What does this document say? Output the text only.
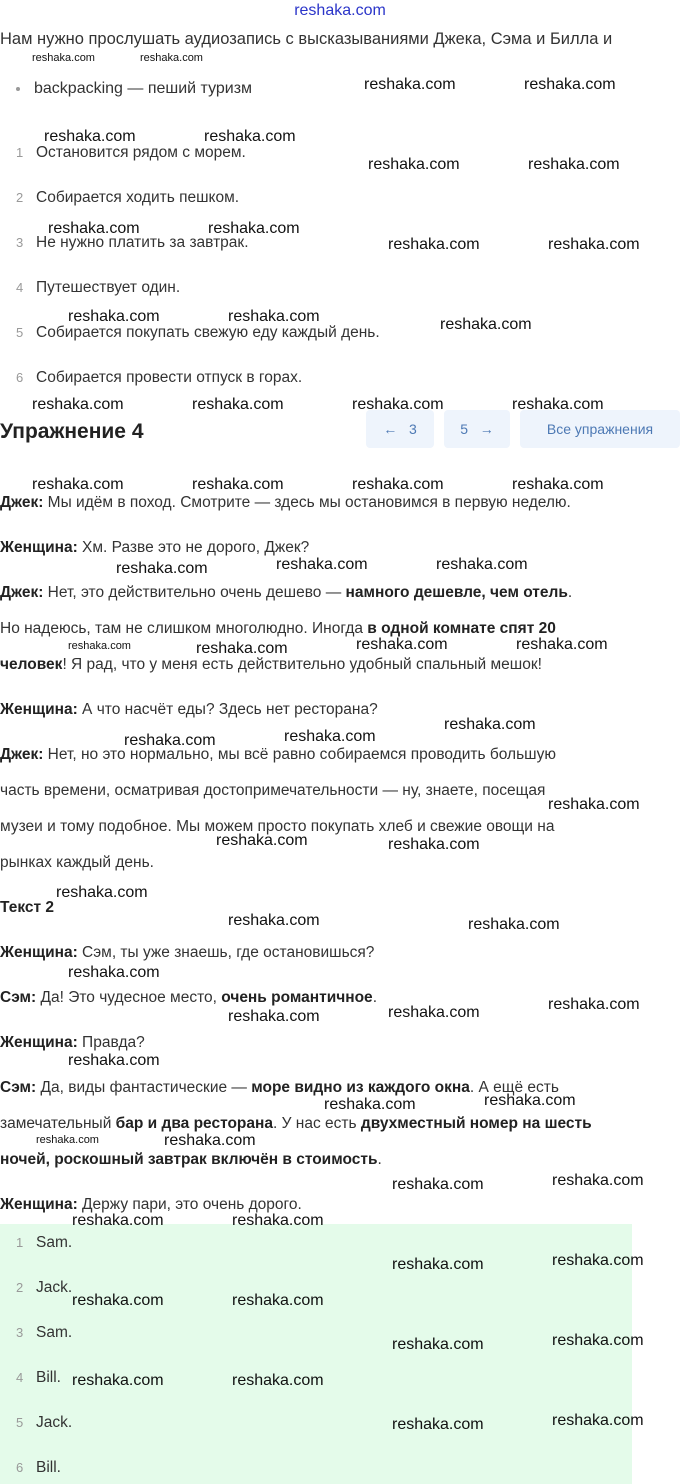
reshaka.com
Нам нужно прослушать аудиозапись с высказываниями Джека, Сэма и Билла и
backpacking — пеший туризм
1 Остановится рядом с морем.
2 Собирается ходить пешком.
3 Не нужно платить за завтрак.
4 Путешествует один.
5 Собирается покупать свежую еду каждый день.
6 Собирается провести отпуск в горах.
Упражнение 4	← 3	5 →	Все упражнения
Джек: Мы идём в поход. Смотрите — здесь мы остановимся в первую неделю.
Женщина: Хм. Разве это не дорого, Джек?
Джек: Нет, это действительно очень дешево — намного дешевле, чем отель.
Но надеюсь, там не слишком многолюдно. Иногда в одной комнате спят 20
человек! Я рад, что у меня есть действительно удобный спальный мешок!
Женщина: А что насчёт еды? Здесь нет ресторана?
Джек: Нет, но это нормально, мы всё равно собираемся проводить большую
часть времени, осматривая достопримечательности — ну, знаете, посещая
музеи и тому подобное. Мы можем просто покупать хлеб и свежие овощи на
рынках каждый день.
Текст 2
Женщина: Сэм, ты уже знаешь, где остановишься?
Сэм: Да! Это чудесное место, очень романтичное.
Женщина: Правда?
Сэм: Да, виды фантастические — море видно из каждого окна. А ещё есть
замечательный бар и два ресторана. У нас есть двухместный номер на шесть
ночей, роскошный завтрак включён в стоимость.
Женщина: Держу пари, это очень дорого.
1 Sam.
2 Jack.
3 Sam.
4 Bill.
5 Jack.
6 Bill.
reshaka.com	reshaka.com
reshaka.com	reshaka.com
reshaka.com	reshaka.com
reshaka.com	reshaka.com
reshaka.com	reshaka.com
reshaka.com	reshaka.com
reshaka.com	reshaka.com	reshaka.com
reshaka.com	reshaka.com	reshaka.com	reshaka.com
reshaka.com	reshaka.com	reshaka.com	reshaka.com
reshaka.com	reshaka.com	reshaka.com
reshaka.com	reshaka.com	reshaka.com	reshaka.com
reshaka.com
reshaka.com	reshaka.com
reshaka.com
reshaka.com	reshaka.com
reshaka.com
reshaka.com	reshaka.com
reshaka.com
reshaka.com
reshaka.com
reshaka.com
reshaka.com
reshaka.com	reshaka.com
reshaka.com	reshaka.com
reshaka.com	reshaka.com
reshaka.com	reshaka.com
reshaka.com	reshaka.com
reshaka.com	reshaka.com
reshaka.com	reshaka.com
reshaka.com	reshaka.com
reshaka.com	reshaka.com
